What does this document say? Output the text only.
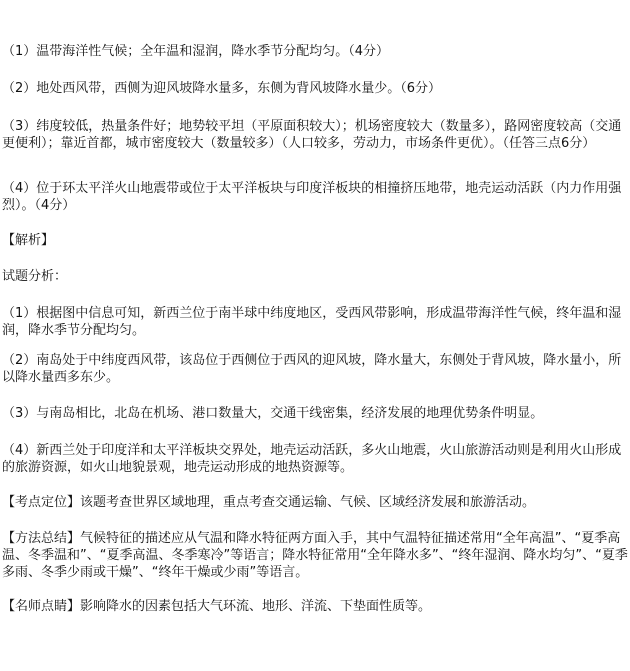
（1）温带海洋性气候；全年温和湿润，降水季节分配均匀。（4分）

（2）地处西风带，西侧为迎风坡降水量多，东侧为背风坡降水量少。（6分）

（3）纬度较低，热量条件好；地势较平坦（平原面积较大）；机场密度较大（数量多），路网密度较高（交通更便利）；靠近首都，城市密度较大（数量较多）（人口较多，劳动力，市场条件更优）。（任答三点6分）

（4）位于环太平洋火山地震带或位于太平洋板块与印度洋板块的相撞挤压地带，地壳运动活跃（内力作用强烈）。（4分）

【解析】

试题分析：

（1）根据图中信息可知，新西兰位于南半球中纬度地区，受西风带影响，形成温带海洋性气候，终年温和湿润，降水季节分配均匀。

（2）南岛处于中纬度西风带，该岛位于西侧位于西风的迎风坡，降水量大，东侧处于背风坡，降水量小，所以降水量西多东少。

（3）与南岛相比，北岛在机场、港口数量大，交通干线密集，经济发展的地理优势条件明显。

（4）新西兰处于印度洋和太平洋板块交界处，地壳运动活跃，多火山地震，火山旅游活动则是利用火山形成的旅游资源，如火山地貌景观，地壳运动形成的地热资源等。

【考点定位】该题考查世界区域地理，重点考查交通运输、气候、区域经济发展和旅游活动。

【方法总结】气候特征的描述应从气温和降水特征两方面入手，其中气温特征描述常用“全年高温”、“夏季高温、冬季温和”、“夏季高温、冬季寒冷”等语言；降水特征常用“全年降水多”、“终年湿润、降水均匀”、“夏季多雨、冬季少雨或干燥”、“终年干燥或少雨”等语言。

【名师点睛】影响降水的因素包括大气环流、地形、洋流、下垫面性质等。
